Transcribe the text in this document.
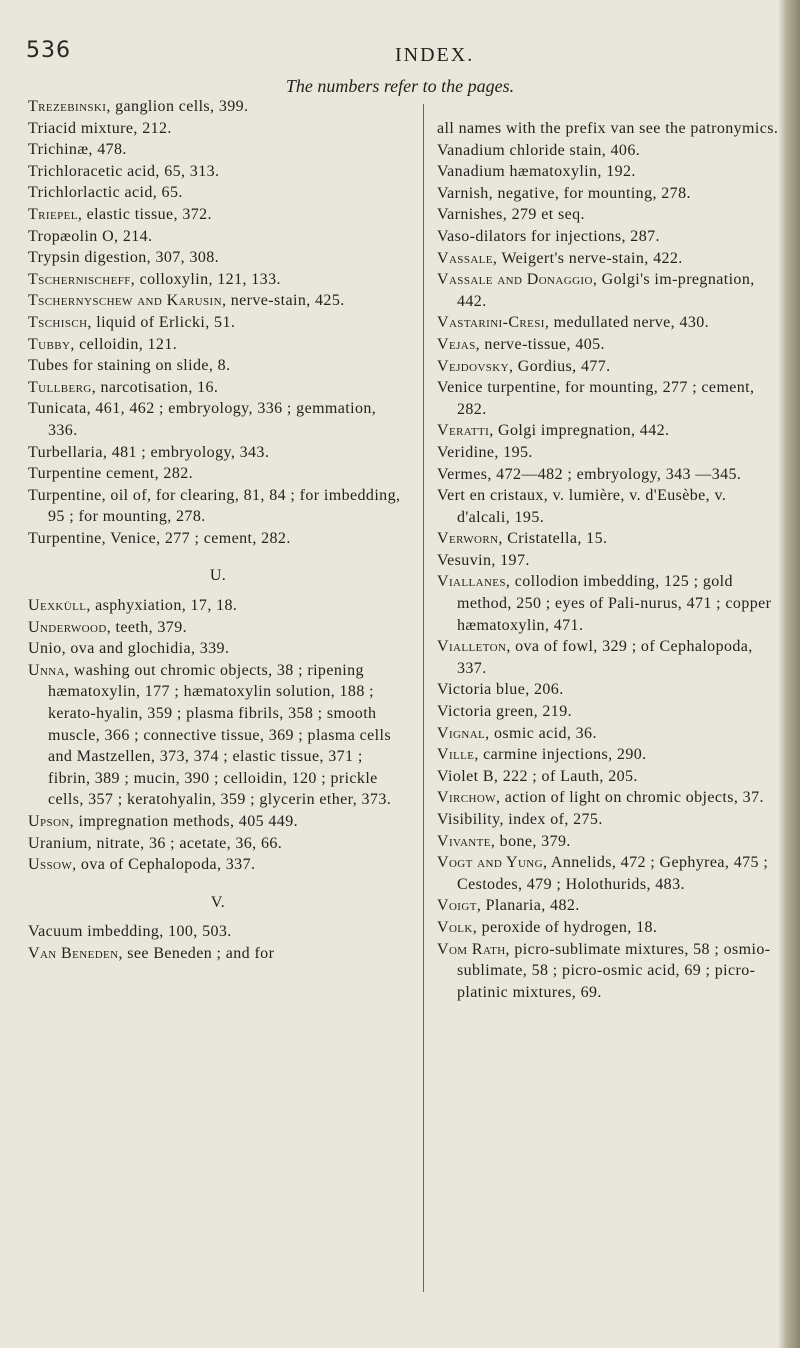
536	INDEX.
The numbers refer to the pages.

Trezebinski, ganglion cells, 399.

Triacid mixture, 212.

Trichinæ, 478.

Trichloracetic acid, 65, 313.

Trichlorlactic acid, 65.

Triepel, elastic tissue, 372.

Tropæolin O, 214.

Trypsin digestion, 307, 308.

Tschernischeff, colloxylin, 121, 133.

Tschernyschew and Karusin, nerve-stain, 425.

Tschisch, liquid of Erlicki, 51.

Tubby, celloidin, 121.

Tubes for staining on slide, 8.

Tullberg, narcotisation, 16.

Tunicata, 461, 462 ; embryology, 336 ; gemmation, 336.

Turbellaria, 481 ; embryology, 343.

Turpentine cement, 282.

Turpentine, oil of, for clearing, 81, 84 ; for imbedding, 95 ; for mounting, 278.

Turpentine, Venice, 277 ; cement, 282.

U.

Uexküll, asphyxiation, 17, 18.

Underwood, teeth, 379.

Unio, ova and glochidia, 339.

Unna, washing out chromic objects, 38 ; ripening hæmatoxylin, 177 ; hæmatoxylin solution, 188 ; kerato-hyalin, 359 ; plasma fibrils, 358 ; smooth muscle, 366 ; connective tissue, 369 ; plasma cells and Mastzellen, 373, 374 ; elastic tissue, 371 ; fibrin, 389 ; mucin, 390 ; celloidin, 120 ; prickle cells, 357 ; keratohyalin, 359 ; glycerin ether, 373.

Upson, impregnation methods, 405 449.

Uranium, nitrate, 36 ; acetate, 36, 66.

Ussow, ova of Cephalopoda, 337.

V.

Vacuum imbedding, 100, 503.

Van Beneden, see Beneden ; and for

all names with the prefix van see the patronymics.

Vanadium chloride stain, 406.

Vanadium hæmatoxylin, 192.

Varnish, negative, for mounting, 278.

Varnishes, 279 et seq.

Vaso-dilators for injections, 287.

Vassale, Weigert's nerve-stain, 422.

Vassale and Donaggio, Golgi's im-pregnation, 442.

Vastarini-Cresi, medullated nerve, 430.

Vejas, nerve-tissue, 405.

Vejdovsky, Gordius, 477.

Venice turpentine, for mounting, 277 ; cement, 282.

Veratti, Golgi impregnation, 442.

Veridine, 195.

Vermes, 472—482 ; embryology, 343 —345.

Vert en cristaux, v. lumière, v. d'Eusèbe, v. d'alcali, 195.

Verworn, Cristatella, 15.

Vesuvin, 197.

Viallanes, collodion imbedding, 125 ; gold method, 250 ; eyes of Pali-nurus, 471 ; copper hæmatoxylin, 471.

Vialleton, ova of fowl, 329 ; of Cephalopoda, 337.

Victoria blue, 206.

Victoria green, 219.

Vignal, osmic acid, 36.

Ville, carmine injections, 290.

Violet B, 222 ; of Lauth, 205.

Virchow, action of light on chromic objects, 37.

Visibility, index of, 275.

Vivante, bone, 379.

Vogt and Yung, Annelids, 472 ; Gephyrea, 475 ; Cestodes, 479 ; Holothurids, 483.

Voigt, Planaria, 482.

Volk, peroxide of hydrogen, 18.

Vom Rath, picro-sublimate mixtures, 58 ; osmio-sublimate, 58 ; picro-osmic acid, 69 ; picro-platinic mixtures, 69.
